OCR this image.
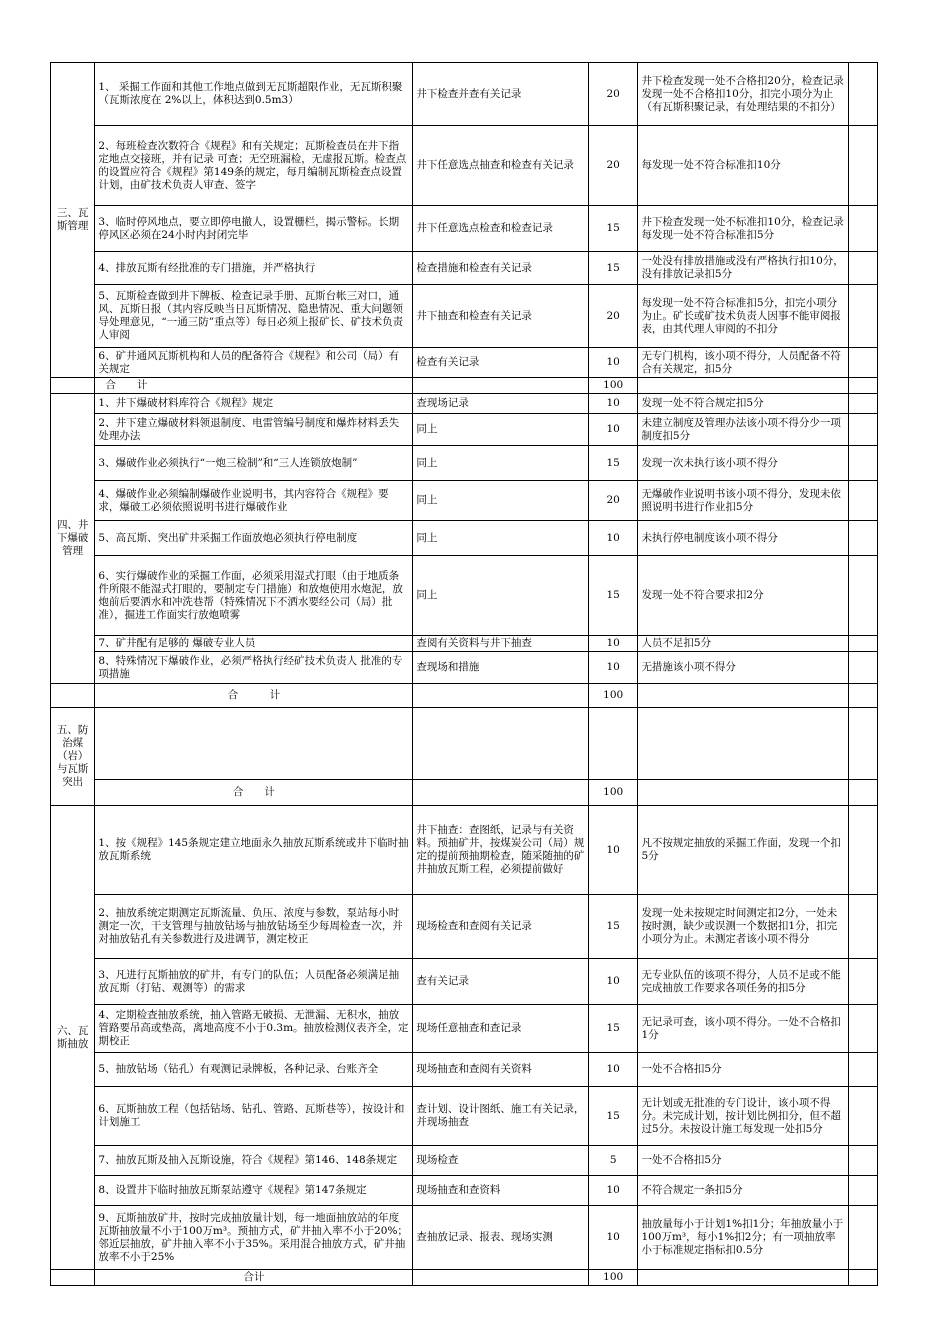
三、瓦斯管理	1、 采掘工作面和其他工作地点做到无瓦斯超限作业，无瓦斯积聚（瓦斯浓度在 2%以上，体积达到0.5m3）	井下检查并查有关记录	20	井下检查发现一处不合格扣20分，检查记录发现一处不合格扣10分，扣完小项分为止（有瓦斯积聚记录，有处理结果的不扣分）	
	2、每班检查次数符合《规程》和有关规定；瓦斯检查员在井下指定地点交接班，并有记录 可查；无空班漏检，无虚报瓦斯。检查点的设置应符合《规程》第149条的规定，每月编制瓦斯检查点设置计划，由矿技术负责人审查、签字	井下任意选点抽查和检查有关记录	20	每发现一处不符合标准扣10分	
	3、临时停风地点，要立即停电撤人，设置栅栏，揭示警标。长期停风区必须在24小时内封闭完毕	井下任意选点检查和检查记录	15	井下检查发现一处不标准扣10分，检查记录每发现一处不符合标准扣5分	
	4、排放瓦斯有经批准的专门措施，并严格执行	检查措施和检查有关记录	15	一处没有排放措施或没有严格执行扣10分，没有排放记录扣5分	
	5、瓦斯检查做到井下牌板、检查记录手册、瓦斯台帐三对口，通风、瓦斯日报（其内容反映当日瓦斯情况、隐患情况、重大问题领导处理意见，“一通三防”重点等）每日必须上报矿长、矿技术负责人审阅	井下抽查和检查有关记录	20	每发现一处不符合标准扣5分，扣完小项分为止。矿长或矿技术负责人因事不能审阅报表，由其代理人审阅的不扣分	
	6、矿井通风瓦斯机构和人员的配备符合《规程》和公司（局）有关规定	检查有关记录	10	无专门机构，该小项不得分，人员配备不符合有关规定，扣5分	
	合　　计		100		
四、井下爆破管理	1、井下爆破材料库符合《规程》规定	查现场记录	10	发现一处不符合规定扣5分	
	2、井下建立爆破材料领退制度、电雷管编号制度和爆炸材料丢失处理办法	同上	10	未建立制度及管理办法该小项不得分少一项制度扣5分	
	3、爆破作业必须执行“一炮三检制”和“三人连锁放炮制”	同上	15	发现一次未执行该小项不得分	
	4、爆破作业必须编制爆破作业说明书，其内容符合《规程》要求，爆破工必须依照说明书进行爆破作业	同上	20	无爆破作业说明书该小项不得分，发现未依照说明书进行作业扣5分	
	5、高瓦斯、突出矿井采掘工作面放炮必须执行停电制度	同上	10	未执行停电制度该小项不得分	
	6、实行爆破作业的采掘工作面，必须采用湿式打眼（由于地质条件所限不能湿式打眼的，要制定专门措施）和放炮使用水炮泥，放炮前后要洒水和冲洗巷帮（特殊情况下不洒水要经公司（局）批准），掘进工作面实行放炮喷雾	同上	15	发现一处不符合要求扣2分	
	7、矿井配有足够的 爆破专业人员	查阅有关资料与井下抽查	10	人员不足扣5分	
	8、特殊情况下爆破作业，必须严格执行经矿技术负责人 批准的专项措施	查现场和措施	10	无措施该小项不得分	
	合　　　计		100		
五、防治煤（岩）与瓦斯突出					
	合　　计		100		
六、瓦斯抽放	1、按《规程》145条规定建立地面永久抽放瓦斯系统或井下临时抽放瓦斯系统	井下抽查：查图纸，记录与有关资料。预抽矿井，按煤炭公司（局）规定的提前预抽期检查，随采随抽的矿井抽放瓦斯工程，必须提前做好	10	凡不按规定抽放的采掘工作面，发现一个扣5分	
	2、抽放系统定期测定瓦斯流量、负压、浓度与参数，泵站每小时测定一次，干支管理与抽放钻场与抽放钻场至少每周检查一次，并对抽放钻孔有关参数进行及进调节，测定校正	现场检查和查阅有关记录	15	发现一处未按规定时间测定扣2分，一处未按时测，缺少或误测一个数据扣1分，扣完小项分为止。未测定者该小项不得分	
	3、凡进行瓦斯抽放的矿井，有专门的队伍；人员配备必须满足抽放瓦斯（打钻、观测等）的需求	查有关记录	10	无专业队伍的该项不得分，人员不足或不能完成抽放工作要求各项任务的扣5分	
	4、定期检查抽放系统，抽入管路无破损、无泄漏、无积水，抽放管路要吊高或垫高，离地高度不小于0.3m。抽放检测仪表齐全，定期校正	现场任意抽查和查记录	15	无记录可查，该小项不得分。一处不合格扣1分	
	5、抽放钻场（钻孔）有观测记录牌板，各种记录、台账齐全	现场抽查和查阅有关资料	10	一处不合格扣5分	
	6、瓦斯抽放工程（包括钻场、钻孔、管路、瓦斯巷等），按设计和计划施工	查计划、设计图纸、施工有关记录，并现场抽查	15	无计划或无批准的专门设计，该小项不得分。未完成计划，按计划比例扣分，但不超过5分。未按设计施工每发现一处扣5分	
	7、抽放瓦斯及抽入瓦斯设施，符合《规程》第146、148条规定	现场检查	5	一处不合格扣5分	
	8、设置井下临时抽放瓦斯泵站遵守《规程》第147条规定	现场抽查和查资料	10	不符合规定一条扣5分	
	9、瓦斯抽放矿井，按时完成抽放量计划，每一地面抽放站的年度瓦斯抽放量不小于100万m³。预抽方式，矿井抽入率不小于20%；邻近层抽放，矿井抽入率不小于35%。采用混合抽放方式，矿井抽放率不小于25%	查抽放记录、报表、现场实测	10	抽放量每小于计划1%扣1分；年抽放量小于100万m³，每小1%扣2分；有一项抽放率小于标准规定指标扣0.5分	
	合计		100		
